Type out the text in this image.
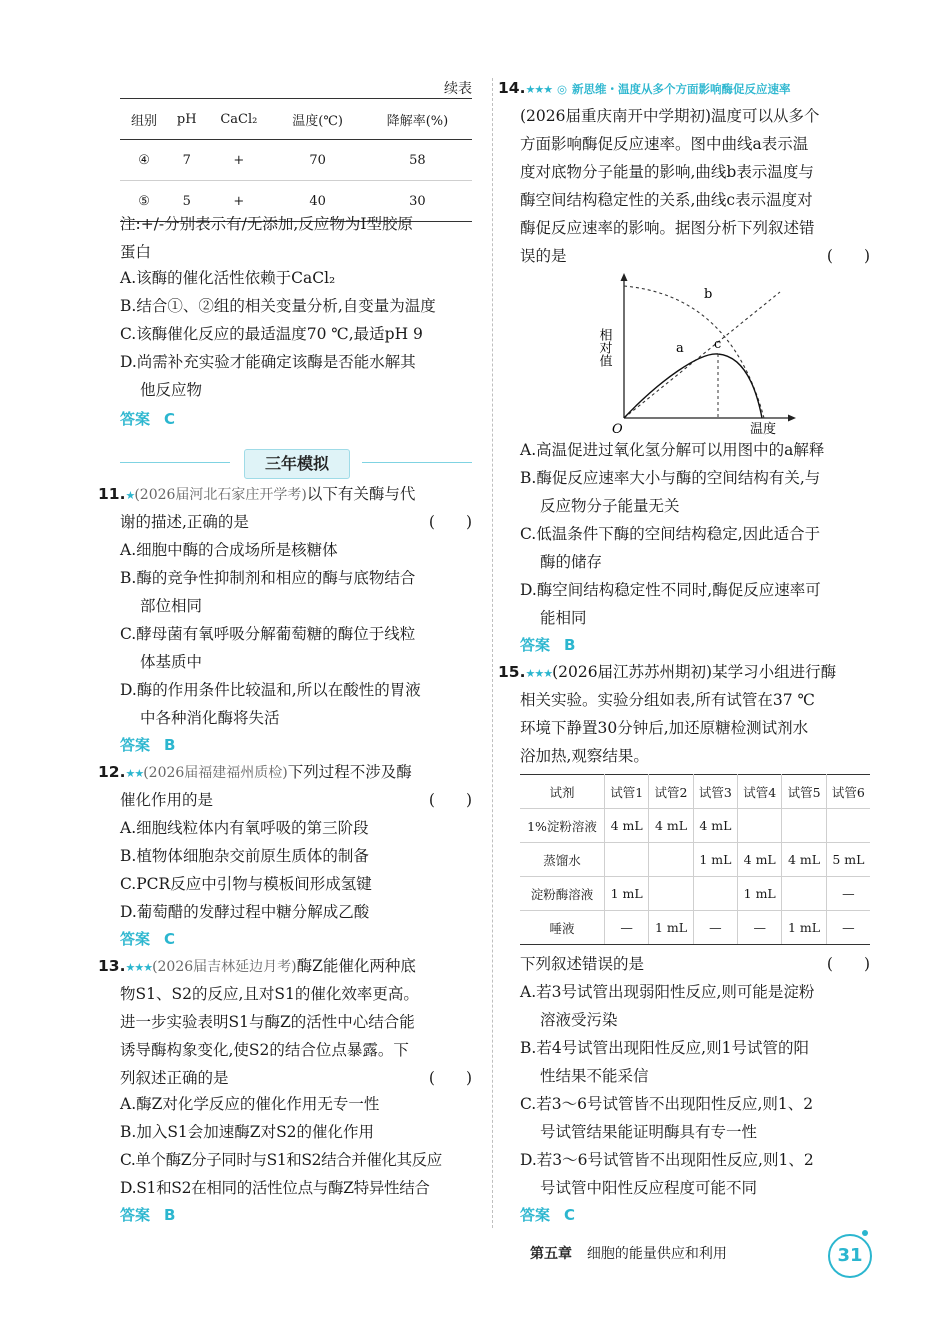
续表
组别	pH	CaCl₂	温度(℃)	降解率(%)
④	7	+	70	58
⑤	5	+	40	30
注:+/-分别表示有/无添加,反应物为Ⅰ型胶原
蛋白
A.该酶的催化活性依赖于CaCl₂
B.结合①、②组的相关变量分析,自变量为温度
C.该酶催化反应的最适温度70 ℃,最适pH 9
D.尚需补充实验才能确定该酶是否能水解其
他反应物
答案 C
三年模拟
11.★(2026届河北石家庄开学考)以下有关酶与代
谢的描述,正确的是	(　　)
A.细胞中酶的合成场所是核糖体
B.酶的竞争性抑制剂和相应的酶与底物结合
部位相同
C.酵母菌有氧呼吸分解葡萄糖的酶位于线粒
体基质中
D.酶的作用条件比较温和,所以在酸性的胃液
中各种消化酶将失活
答案 B
12.★★(2026届福建福州质检)下列过程不涉及酶
催化作用的是	(　　)
A.细胞线粒体内有氧呼吸的第三阶段
B.植物体细胞杂交前原生质体的制备
C.PCR反应中引物与模板间形成氢键
D.葡萄醋的发酵过程中糖分解成乙酸
答案 C
13.★★★(2026届吉林延边月考)酶Z能催化两种底
物S1、S2的反应,且对S1的催化效率更高。
进一步实验表明S1与酶Z的活性中心结合能
诱导酶构象变化,使S2的结合位点暴露。下
列叙述正确的是	(　　)
A.酶Z对化学反应的催化作用无专一性
B.加入S1会加速酶Z对S2的催化作用
C.单个酶Z分子同时与S1和S2结合并催化其反应
D.S1和S2在相同的活性位点与酶Z特异性结合
答案 B
14.★★★ ◎ 新思维・温度从多个方面影响酶促反应速率
(2026届重庆南开中学期初)温度可以从多个
方面影响酶促反应速率。图中曲线a表示温
度对底物分子能量的影响,曲线b表示温度与
酶空间结构稳定性的关系,曲线c表示温度对
酶促反应速率的影响。据图分析下列叙述错
误的是	(　　)
相对值
温度
O
a
b
c
A.高温促进过氧化氢分解可以用图中的a解释
B.酶促反应速率大小与酶的空间结构有关,与
反应物分子能量无关
C.低温条件下酶的空间结构稳定,因此适合于
酶的储存
D.酶空间结构稳定性不同时,酶促反应速率可
能相同
答案 B
15.★★★(2026届江苏苏州期初)某学习小组进行酶
相关实验。实验分组如表,所有试管在37 ℃
环境下静置30分钟后,加还原糖检测试剂水
浴加热,观察结果。
试剂	试管1	试管2	试管3	试管4	试管5	试管6
1%淀粉溶液	4 mL	4 mL	4 mL			
蒸馏水			1 mL	4 mL	4 mL	5 mL
淀粉酶溶液	1 mL			1 mL		—
唾液	—	1 mL	—	—	1 mL	—
下列叙述错误的是	(　　)
A.若3号试管出现弱阳性反应,则可能是淀粉
溶液受污染
B.若4号试管出现阳性反应,则1号试管的阳
性结果不能采信
C.若3～6号试管皆不出现阳性反应,则1、2
号试管结果能证明酶具有专一性
D.若3～6号试管皆不出现阳性反应,则1、2
号试管中阳性反应程度可能不同
答案 C
第五章 细胞的能量供应和利用	31
